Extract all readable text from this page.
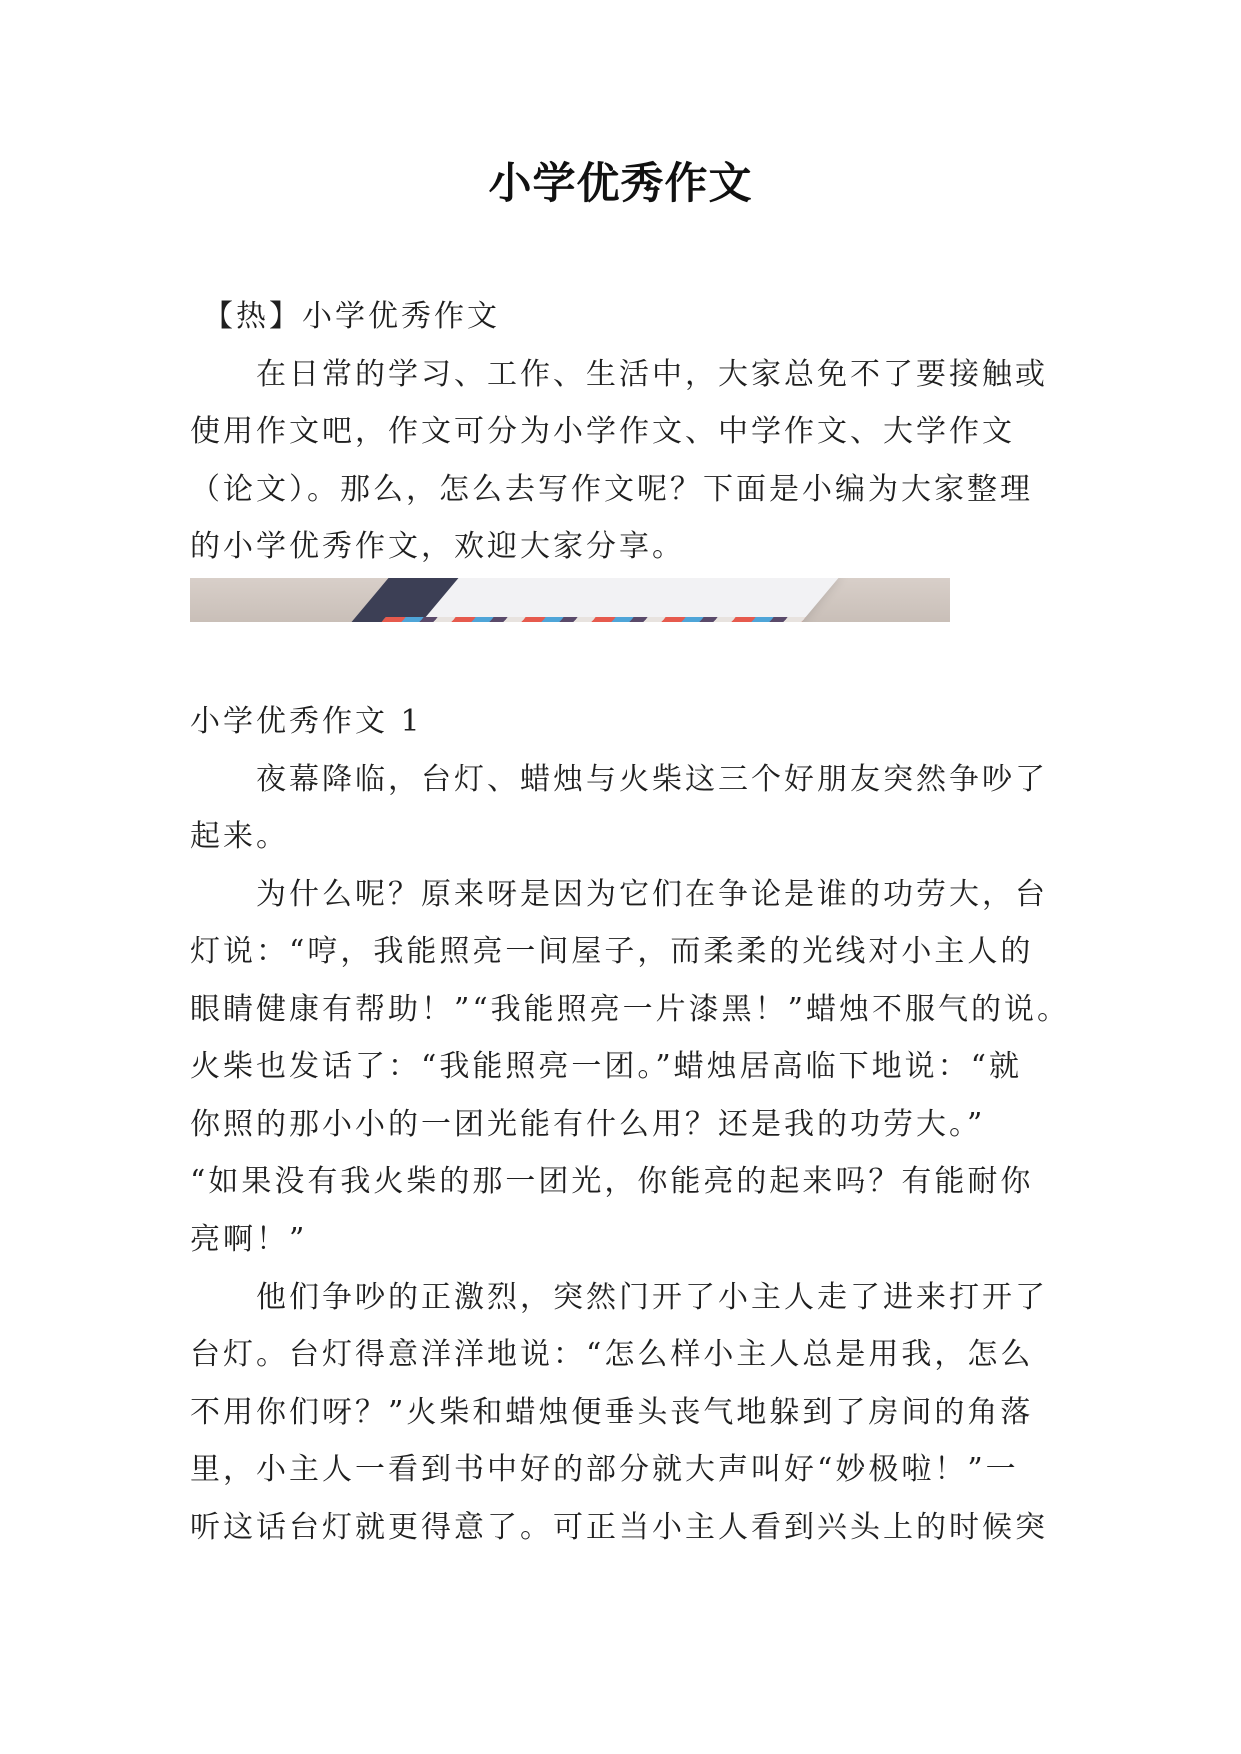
小学优秀作文
【热】小学优秀作文
在日常的学习、工作、生活中，大家总免不了要接触或
使用作文吧，作文可分为小学作文、中学作文、大学作文
（论文）。那么，怎么去写作文呢？下面是小编为大家整理
的小学优秀作文，欢迎大家分享。
小学优秀作文 1
夜幕降临，台灯、蜡烛与火柴这三个好朋友突然争吵了
起来。
为什么呢？原来呀是因为它们在争论是谁的功劳大，台
灯说：“哼，我能照亮一间屋子，而柔柔的光线对小主人的
眼睛健康有帮助！”“我能照亮一片漆黑！”蜡烛不服气的说。
火柴也发话了：“我能照亮一团。”蜡烛居高临下地说：“就
你照的那小小的一团光能有什么用？还是我的功劳大。”
“如果没有我火柴的那一团光，你能亮的起来吗？有能耐你
亮啊！”
他们争吵的正激烈，突然门开了小主人走了进来打开了
台灯。台灯得意洋洋地说：“怎么样小主人总是用我，怎么
不用你们呀？”火柴和蜡烛便垂头丧气地躲到了房间的角落
里，小主人一看到书中好的部分就大声叫好“妙极啦！”一
听这话台灯就更得意了。可正当小主人看到兴头上的时候突
